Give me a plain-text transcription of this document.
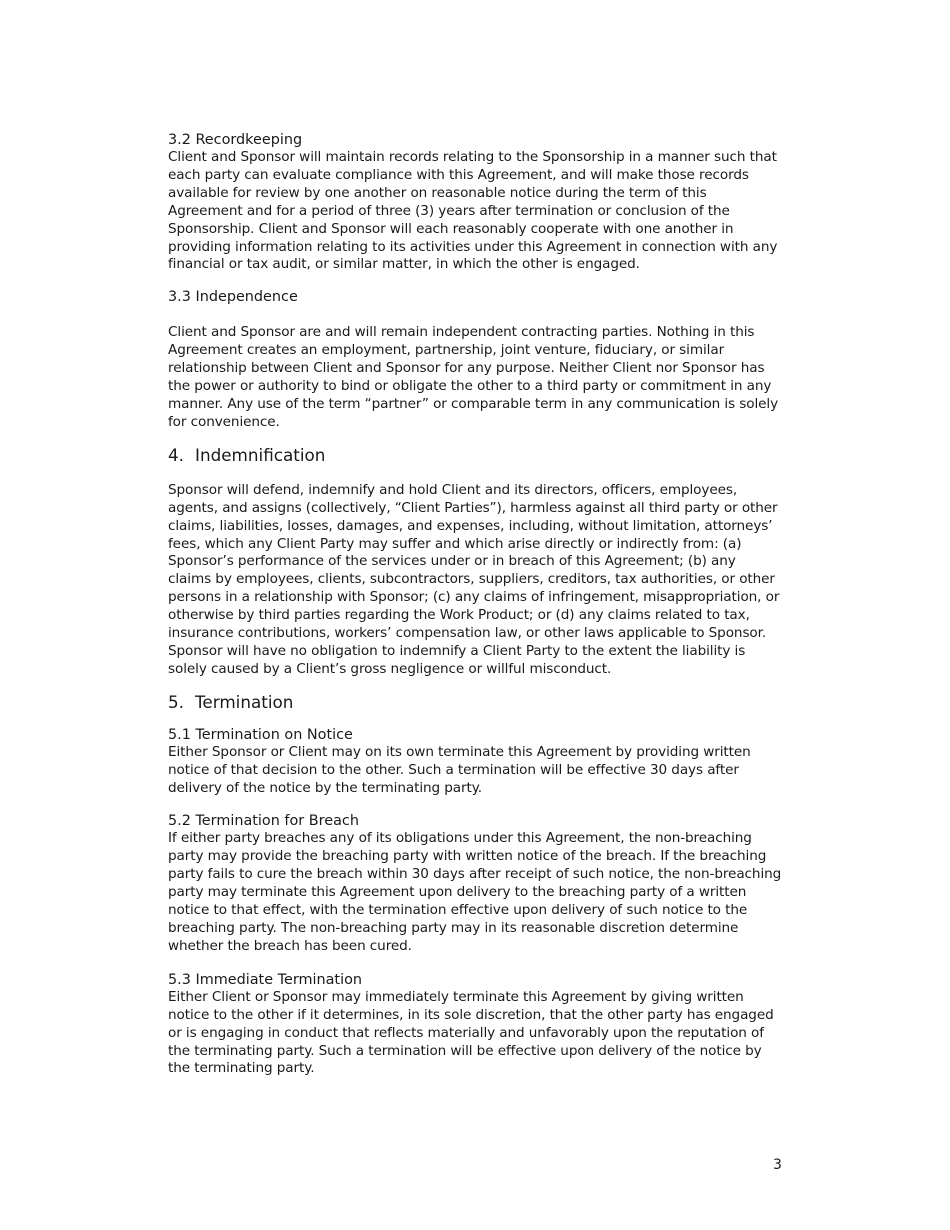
3.2 Recordkeeping

Client and Sponsor will maintain records relating to the Sponsorship in a manner such that each party can evaluate compliance with this Agreement, and will make those records available for review by one another on reasonable notice during the term of this Agreement and for a period of three (3) years after termination or conclusion of the Sponsorship. Client and Sponsor will each reasonably cooperate with one another in providing information relating to its activities under this Agreement in connection with any financial or tax audit, or similar matter, in which the other is engaged.

3.3 Independence

Client and Sponsor are and will remain independent contracting parties. Nothing in this Agreement creates an employment, partnership, joint venture, fiduciary, or similar relationship between Client and Sponsor for any purpose. Neither Client nor Sponsor has the power or authority to bind or obligate the other to a third party or commitment in any manner. Any use of the term “partner” or comparable term in any communication is solely for convenience.

4. Indemnification

Sponsor will defend, indemnify and hold Client and its directors, officers, employees, agents, and assigns (collectively, “Client Parties”), harmless against all third party or other claims, liabilities, losses, damages, and expenses, including, without limitation, attorneys’ fees, which any Client Party may suffer and which arise directly or indirectly from: (a) Sponsor’s performance of the services under or in breach of this Agreement; (b) any claims by employees, clients, subcontractors, suppliers, creditors, tax authorities, or other persons in a relationship with Sponsor; (c) any claims of infringement, misappropriation, or otherwise by third parties regarding the Work Product; or (d) any claims related to tax, insurance contributions, workers’ compensation law, or other laws applicable to Sponsor. Sponsor will have no obligation to indemnify a Client Party to the extent the liability is solely caused by a Client’s gross negligence or willful misconduct.

5. Termination
5.1 Termination on Notice

Either Sponsor or Client may on its own terminate this Agreement by providing written notice of that decision to the other. Such a termination will be effective 30 days after delivery of the notice by the terminating party.

5.2 Termination for Breach

If either party breaches any of its obligations under this Agreement, the non-breaching party may provide the breaching party with written notice of the breach. If the breaching party fails to cure the breach within 30 days after receipt of such notice, the non-breaching party may terminate this Agreement upon delivery to the breaching party of a written notice to that effect, with the termination effective upon delivery of such notice to the breaching party. The non-breaching party may in its reasonable discretion determine whether the breach has been cured.

5.3 Immediate Termination

Either Client or Sponsor may immediately terminate this Agreement by giving written notice to the other if it determines, in its sole discretion, that the other party has engaged or is engaging in conduct that reflects materially and unfavorably upon the reputation of the terminating party. Such a termination will be effective upon delivery of the notice by the terminating party.

3
